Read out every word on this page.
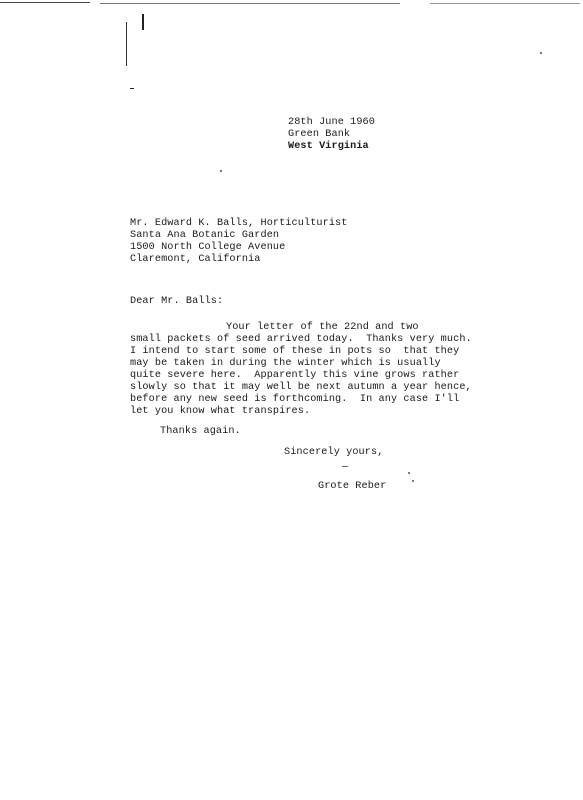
28th June 1960
Green Bank
West Virginia
Mr. Edward K. Balls, Horticulturist
Santa Ana Botanic Garden
1500 North College Avenue
Claremont, California
Dear Mr. Balls:
Your letter of the 22nd and two
small packets of seed arrived today.  Thanks very much.
I intend to start some of these in pots so  that they
may be taken in during the winter which is usually
quite severe here.  Apparently this vine grows rather
slowly so that it may well be next autumn a year hence,
before any new seed is forthcoming.  In any case I'll
let you know what transpires.
Thanks again.
Sincerely yours,
—
Grote Reber
